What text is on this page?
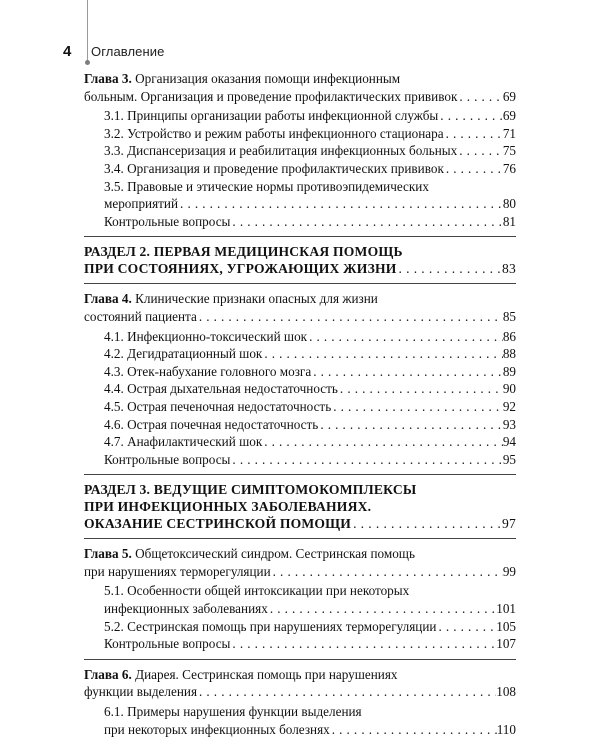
4	Оглавление
Глава 3. Организация оказания помощи инфекционным
больным. Организация и проведение профилактических прививок . . .	69
3.1. Принципы организации работы инфекционной службы . . .	69
3.2. Устройство и режим работы инфекционного стационара . . .	71
3.3. Диспансеризация и реабилитация инфекционных больных . . .	75
3.4. Организация и проведение профилактических прививок . . .	76
3.5. Правовые и этические нормы противоэпидемических
мероприятий . . .	80
Контрольные вопросы . . .	81
РАЗДЕЛ 2. ПЕРВАЯ МЕДИЦИНСКАЯ ПОМОЩЬ
ПРИ СОСТОЯНИЯХ, УГРОЖАЮЩИХ ЖИЗНИ . . .	83
Глава 4. Клинические признаки опасных для жизни
состояний пациента . . .	85
4.1. Инфекционно-токсический шок . . .	86
4.2. Дегидратационный шок . . .	88
4.3. Отек-набухание головного мозга . . .	89
4.4. Острая дыхательная недостаточность . . .	90
4.5. Острая печеночная недостаточность . . .	92
4.6. Острая почечная недостаточность . . .	93
4.7. Анафилактический шок . . .	94
Контрольные вопросы . . .	95
РАЗДЕЛ 3. ВЕДУЩИЕ СИМПТОМОКОМПЛЕКСЫ
ПРИ ИНФЕКЦИОННЫХ ЗАБОЛЕВАНИЯХ.
ОКАЗАНИЕ СЕСТРИНСКОЙ ПОМОЩИ . . .	97
Глава 5. Общетоксический синдром. Сестринская помощь
при нарушениях терморегуляции . . .	99
5.1. Особенности общей интоксикации при некоторых
инфекционных заболеваниях . . .	101
5.2. Сестринская помощь при нарушениях терморегуляции . . .	105
Контрольные вопросы . . .	107
Глава 6. Диарея. Сестринская помощь при нарушениях
функции выделения . . .	108
6.1. Примеры нарушения функции выделения
при некоторых инфекционных болезнях . . .	110
